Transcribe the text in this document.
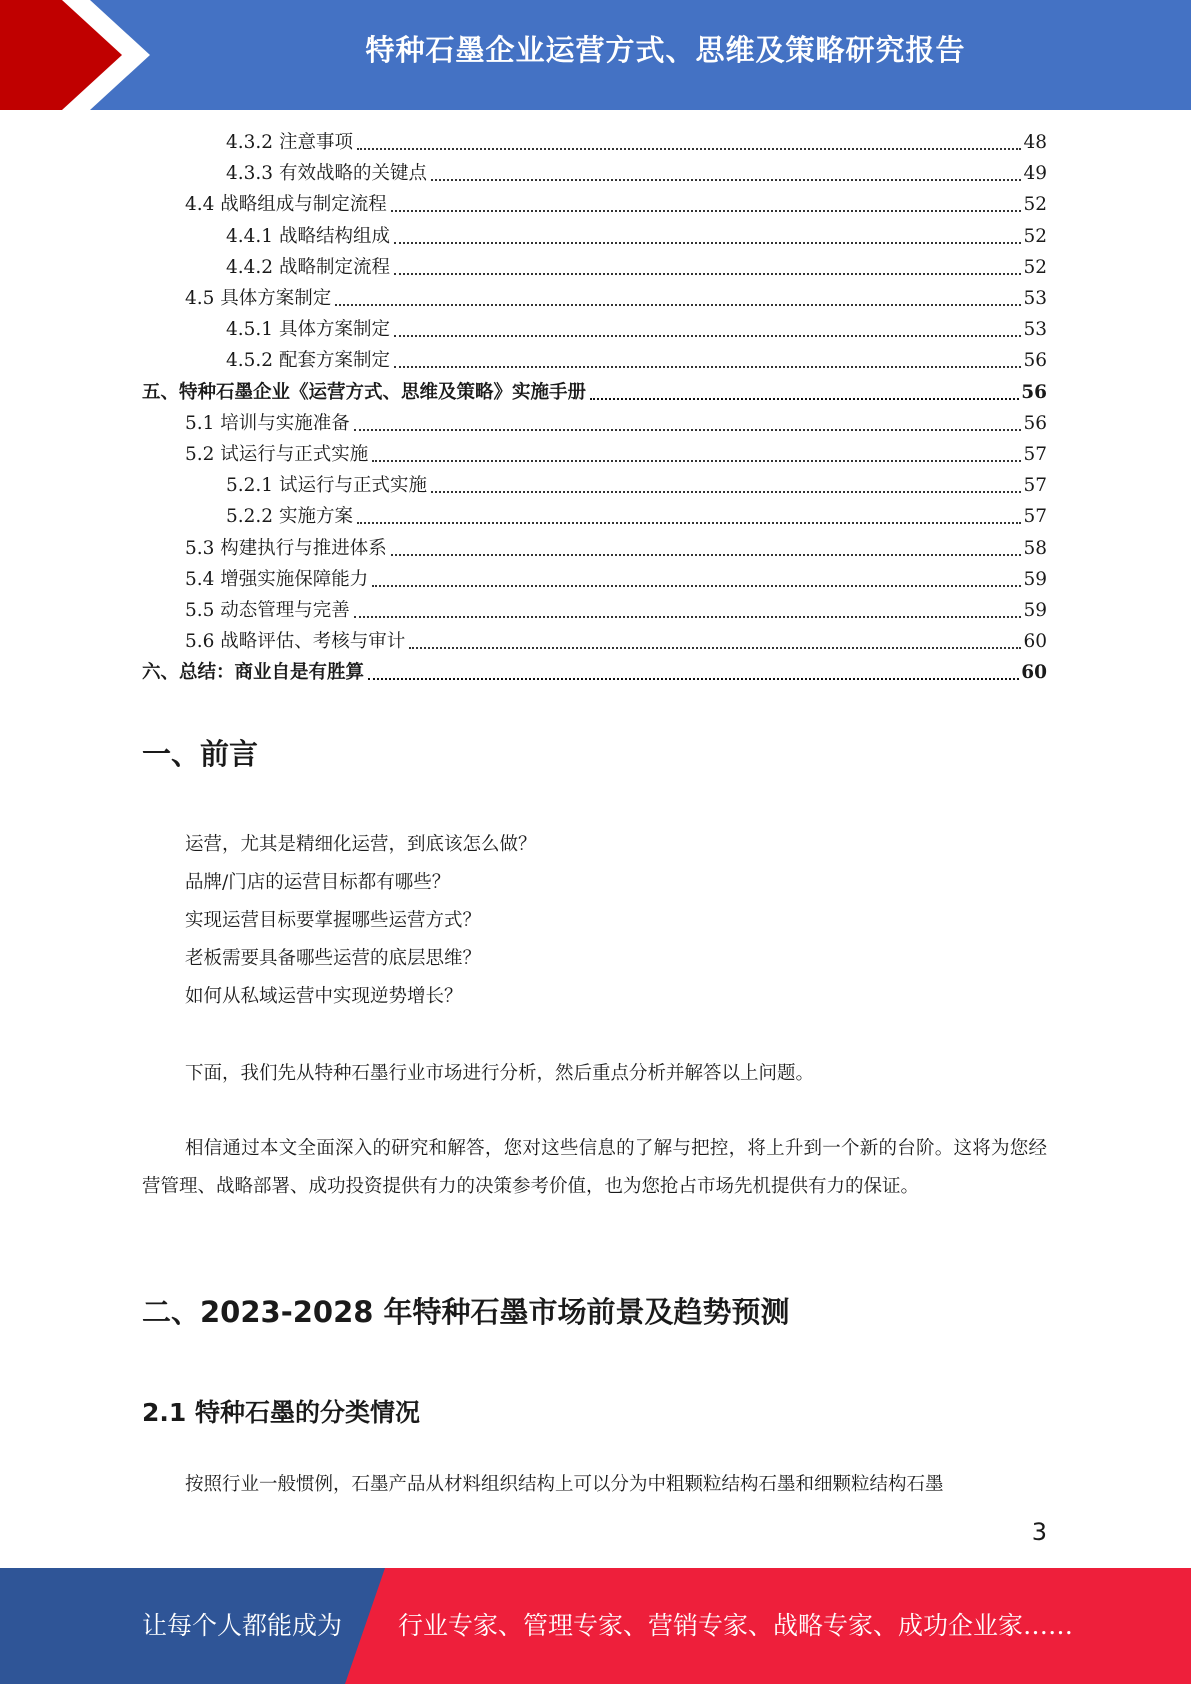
特种石墨企业运营方式、思维及策略研究报告
4.3.2 注意事项	48
4.3.3 有效战略的关键点	49
4.4 战略组成与制定流程	52
4.4.1 战略结构组成	52
4.4.2 战略制定流程	52
4.5 具体方案制定	53
4.5.1 具体方案制定	53
4.5.2 配套方案制定	56
五、特种石墨企业《运营方式、思维及策略》实施手册	56
5.1 培训与实施准备	56
5.2 试运行与正式实施	57
5.2.1 试运行与正式实施	57
5.2.2 实施方案	57
5.3 构建执行与推进体系	58
5.4 增强实施保障能力	59
5.5 动态管理与完善	59
5.6 战略评估、考核与审计	60
六、总结：商业自是有胜算	60
一、前言
运营，尤其是精细化运营，到底该怎么做？
品牌/门店的运营目标都有哪些？
实现运营目标要掌握哪些运营方式？
老板需要具备哪些运营的底层思维？
如何从私域运营中实现逆势增长？
下面，我们先从特种石墨行业市场进行分析，然后重点分析并解答以上问题。
相信通过本文全面深入的研究和解答，您对这些信息的了解与把控，将上升到一个新的台阶。这将为您经营管理、战略部署、成功投资提供有力的决策参考价值，也为您抢占市场先机提供有力的保证。
二、2023-2028 年特种石墨市场前景及趋势预测
2.1 特种石墨的分类情况
按照行业一般惯例，石墨产品从材料组织结构上可以分为中粗颗粒结构石墨和细颗粒结构石墨
3
让每个人都能成为 行业专家、管理专家、营销专家、战略专家、成功企业家……
